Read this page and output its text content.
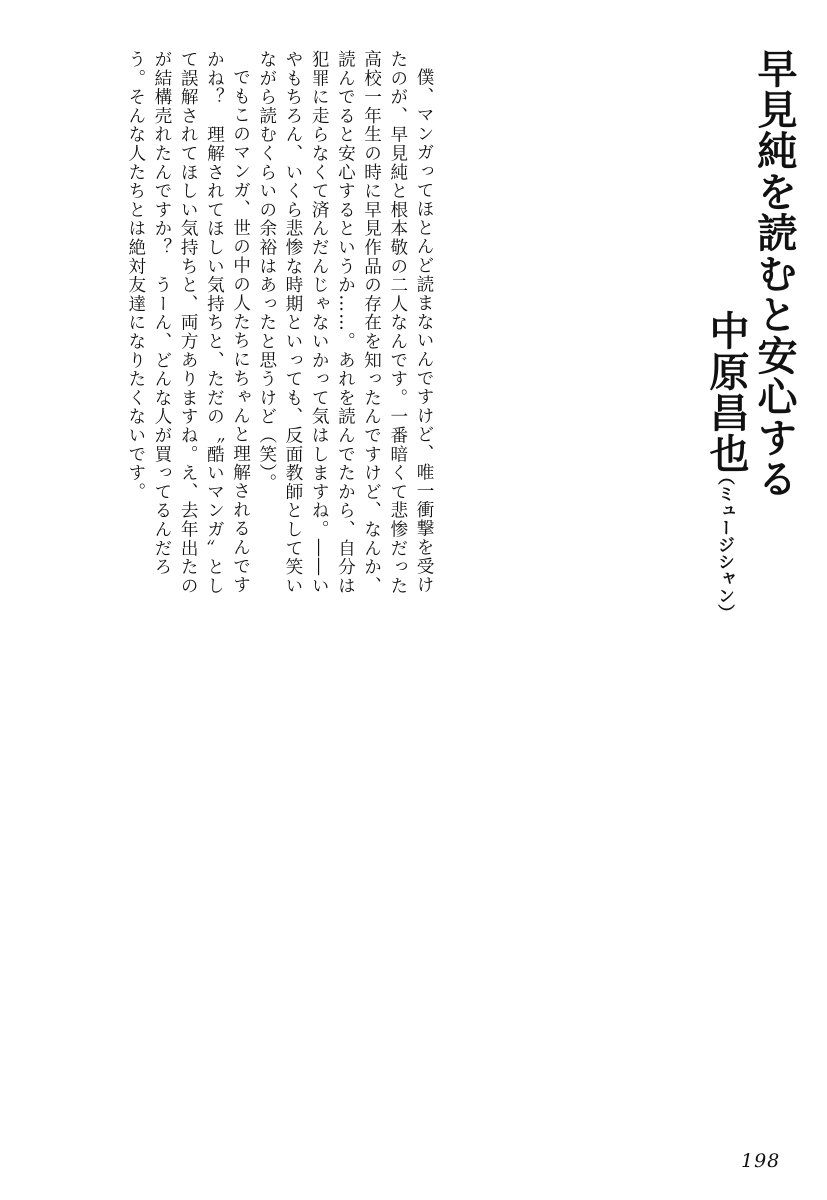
早見純を読むと安心する
中原昌也
（ミュージシャン）

僕、マンガってほとんど読まないんですけど、唯一衝撃を受けたのが、早見純と根本敬の二人なんです。一番暗くて悲惨だった高校一年生の時に早見作品の存在を知ったんですけど、なんか、読んでると安心するというか……。あれを読んでたから、自分は犯罪に走らなくて済んだんじゃないかって気はしますね。――いやもちろん、いくら悲惨な時期といっても、反面教師として笑いながら読むくらいの余裕はあったと思うけど（笑）。

でもこのマンガ、世の中の人たちにちゃんと理解されるんですかね？　理解されてほしい気持ちと、ただの〝酷いマンガ〟として誤解されてほしい気持ちと、両方ありますね。え、去年出たのが結構売れたんですか？　うーん、どんな人が買ってるんだろう。そんな人たちとは絶対友達になりたくないです。

198
